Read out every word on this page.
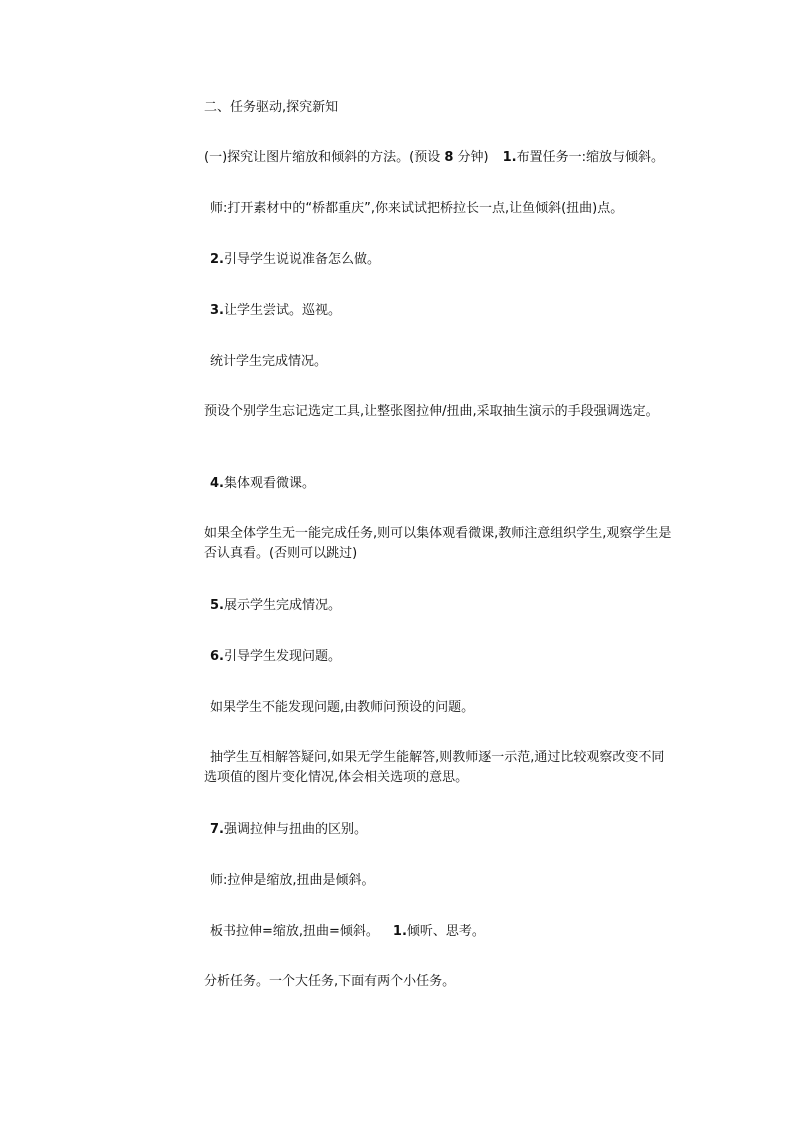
二、任务驱动,探究新知
(一)探究让图片缩放和倾斜的方法。(预设 8 分钟) 1.布置任务一:缩放与倾斜。
师:打开素材中的“桥都重庆”,你来试试把桥拉长一点,让鱼倾斜(扭曲)点。
2.引导学生说说准备怎么做。
3.让学生尝试。巡视。
统计学生完成情况。
预设个别学生忘记选定工具,让整张图拉伸/扭曲,采取抽生演示的手段强调选定。
4.集体观看微课。
如果全体学生无一能完成任务,则可以集体观看微课,教师注意组织学生,观察学生是否认真看。(否则可以跳过)
5.展示学生完成情况。
6.引导学生发现问题。
如果学生不能发现问题,由教师问预设的问题。
抽学生互相解答疑问,如果无学生能解答,则教师逐一示范,通过比较观察改变不同选项值的图片变化情况,体会相关选项的意思。
7.强调拉伸与扭曲的区别。
师:拉伸是缩放,扭曲是倾斜。
板书拉伸=缩放,扭曲=倾斜。 1.倾听、思考。
分析任务。一个大任务,下面有两个小任务。
